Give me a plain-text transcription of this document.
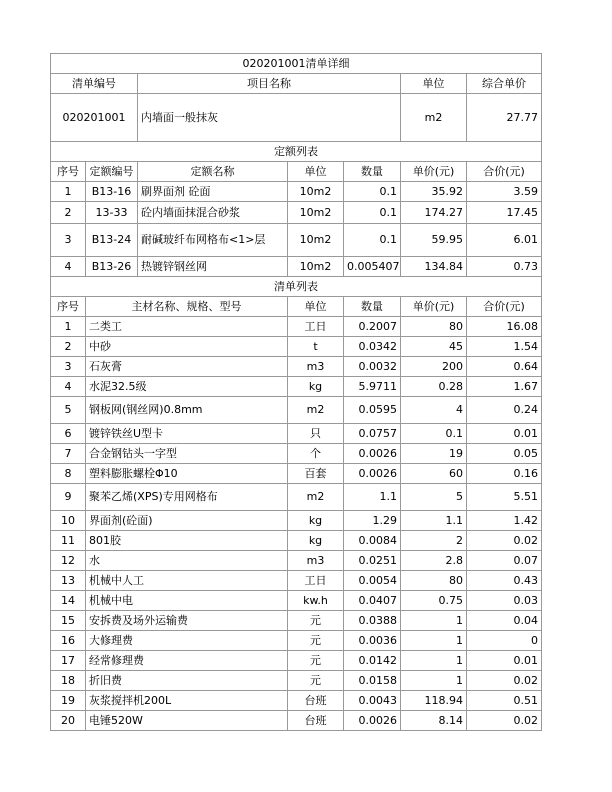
020201001清单详细						
清单编号		项目名称			单位	综合单价
020201001		内墙面一般抹灰			m2	27.77
定额列表						
序号	定额编号	定额名称	单位	数量	单价(元)	合价(元)
1	B13-16	刷界面剂 砼面	10m2	0.1	35.92	3.59
2	13-33	砼内墙面抹混合砂浆	10m2	0.1	174.27	17.45
3	B13-24	耐碱玻纤布网格布<1>层	10m2	0.1	59.95	6.01
4	B13-26	热镀锌钢丝网	10m2	0.005407	134.84	0.73
清单列表						
序号	主材名称、规格、型号		单位	数量	单价(元)	合价(元)
1	二类工		工日	0.2007	80	16.08
2	中砂		t	0.0342	45	1.54
3	石灰膏		m3	0.0032	200	0.64
4	水泥32.5级		kg	5.9711	0.28	1.67
5	钢板网(钢丝网)0.8mm		m2	0.0595	4	0.24
6	镀锌铁丝U型卡		只	0.0757	0.1	0.01
7	合金钢钻头一字型		个	0.0026	19	0.05
8	塑料膨胀螺栓Φ10		百套	0.0026	60	0.16
9	聚苯乙烯(XPS)专用网格布		m2	1.1	5	5.51
10	界面剂(砼面)		kg	1.29	1.1	1.42
11	801胶		kg	0.0084	2	0.02
12	水		m3	0.0251	2.8	0.07
13	机械中人工		工日	0.0054	80	0.43
14	机械中电		kw.h	0.0407	0.75	0.03
15	安拆费及场外运输费		元	0.0388	1	0.04
16	大修理费		元	0.0036	1	0
17	经常修理费		元	0.0142	1	0.01
18	折旧费		元	0.0158	1	0.02
19	灰浆搅拌机200L		台班	0.0043	118.94	0.51
20	电锤520W		台班	0.0026	8.14	0.02
